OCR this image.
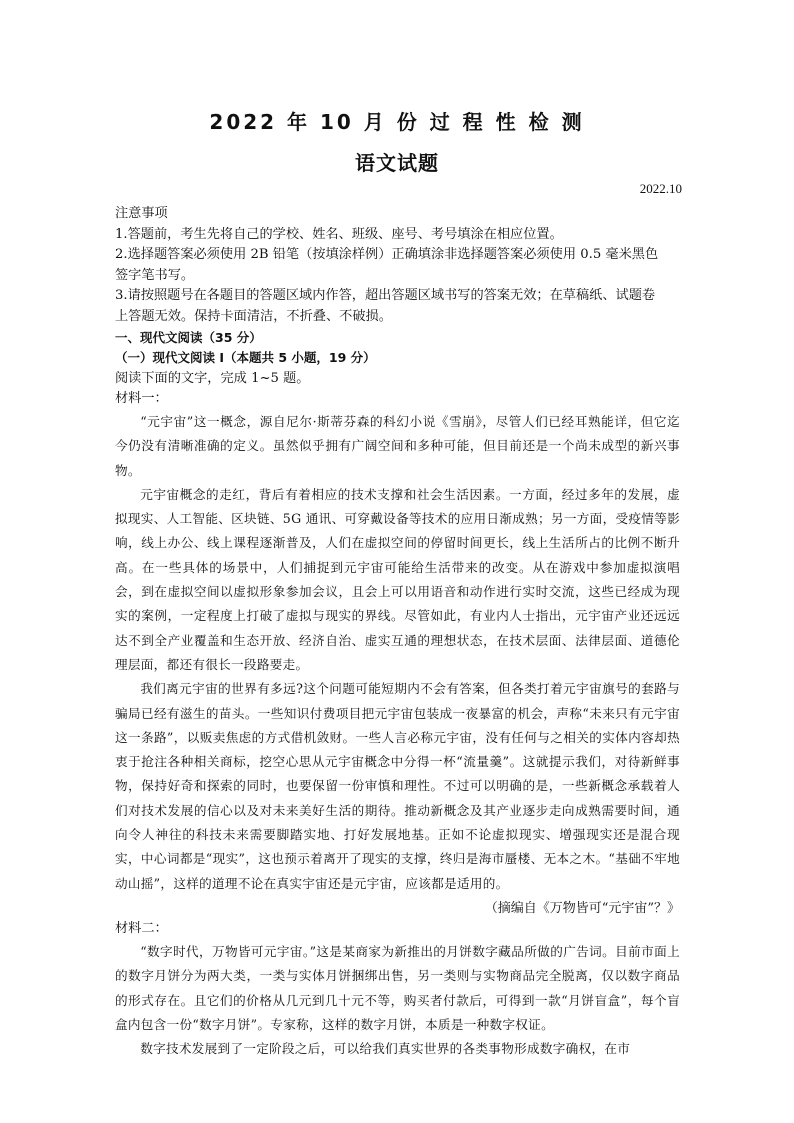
2022 年 10 月 份 过 程 性 检 测
语文试题
2022.10
注意事项
1.答题前，考生先将自己的学校、姓名、班级、座号、考号填涂在相应位置。
2.选择题答案必须使用 2B 铅笔（按填涂样例）正确填涂非选择题答案必须使用 0.5 毫米黑色
签字笔书写。
3.请按照题号在各题目的答题区域内作答，超出答题区域书写的答案无效；在草稿纸、试题卷
上答题无效。保持卡面清洁，不折叠、不破损。
一、现代文阅读（35 分）
（一）现代文阅读 I（本题共 5 小题，19 分）
阅读下面的文字，完成 1~5 题。
材料一：

“元宇宙”这一概念，源自尼尔·斯蒂芬森的科幻小说《雪崩》，尽管人们已经耳熟能详，但它迄今仍没有清晰准确的定义。虽然似乎拥有广阔空间和多种可能，但目前还是一个尚未成型的新兴事物。

元宇宙概念的走红，背后有着相应的技术支撑和社会生活因素。一方面，经过多年的发展，虚拟现实、人工智能、区块链、5G 通讯、可穿戴设备等技术的应用日渐成熟；另一方面，受疫情等影响，线上办公、线上课程逐渐普及，人们在虚拟空间的停留时间更长，线上生活所占的比例不断升高。在一些具体的场景中，人们捕捉到元宇宙可能给生活带来的改变。从在游戏中参加虚拟演唱会，到在虚拟空间以虚拟形象参加会议，且会上可以用语音和动作进行实时交流，这些已经成为现实的案例，一定程度上打破了虚拟与现实的界线。尽管如此，有业内人士指出，元宇宙产业还远远达不到全产业覆盖和生态开放、经济自治、虚实互通的理想状态，在技术层面、法律层面、道德伦理层面，都还有很长一段路要走。

我们离元宇宙的世界有多远?这个问题可能短期内不会有答案，但各类打着元宇宙旗号的套路与骗局已经有滋生的苗头。一些知识付费项目把元宇宙包装成一夜暴富的机会，声称“未来只有元宇宙这一条路”，以贩卖焦虑的方式借机敛财。一些人言必称元宇宙，没有任何与之相关的实体内容却热衷于抢注各种相关商标，挖空心思从元宇宙概念中分得一杯“流量羹”。这就提示我们，对待新鲜事物，保持好奇和探索的同时，也要保留一份审慎和理性。不过可以明确的是，一些新概念承载着人们对技术发展的信心以及对未来美好生活的期待。推动新概念及其产业逐步走向成熟需要时间，通向令人神往的科技未来需要脚踏实地、打好发展地基。正如不论虚拟现实、增强现实还是混合现实，中心词都是“现实”，这也预示着离开了现实的支撑，终归是海市蜃楼、无本之木。“基础不牢地动山摇”，这样的道理不论在真实宇宙还是元宇宙，应该都是适用的。

（摘编自《万物皆可“元宇宙”？》

材料二：

“数字时代，万物皆可元宇宙。”这是某商家为新推出的月饼数字藏品所做的广告词。目前市面上的数字月饼分为两大类，一类与实体月饼捆绑出售，另一类则与实物商品完全脱离，仅以数字商品的形式存在。且它们的价格从几元到几十元不等，购买者付款后，可得到一款“月饼盲盒”，每个盲盒内包含一份“数字月饼”。专家称，这样的数字月饼，本质是一种数字权证。

数字技术发展到了一定阶段之后，可以给我们真实世界的各类事物形成数字确权，在市
